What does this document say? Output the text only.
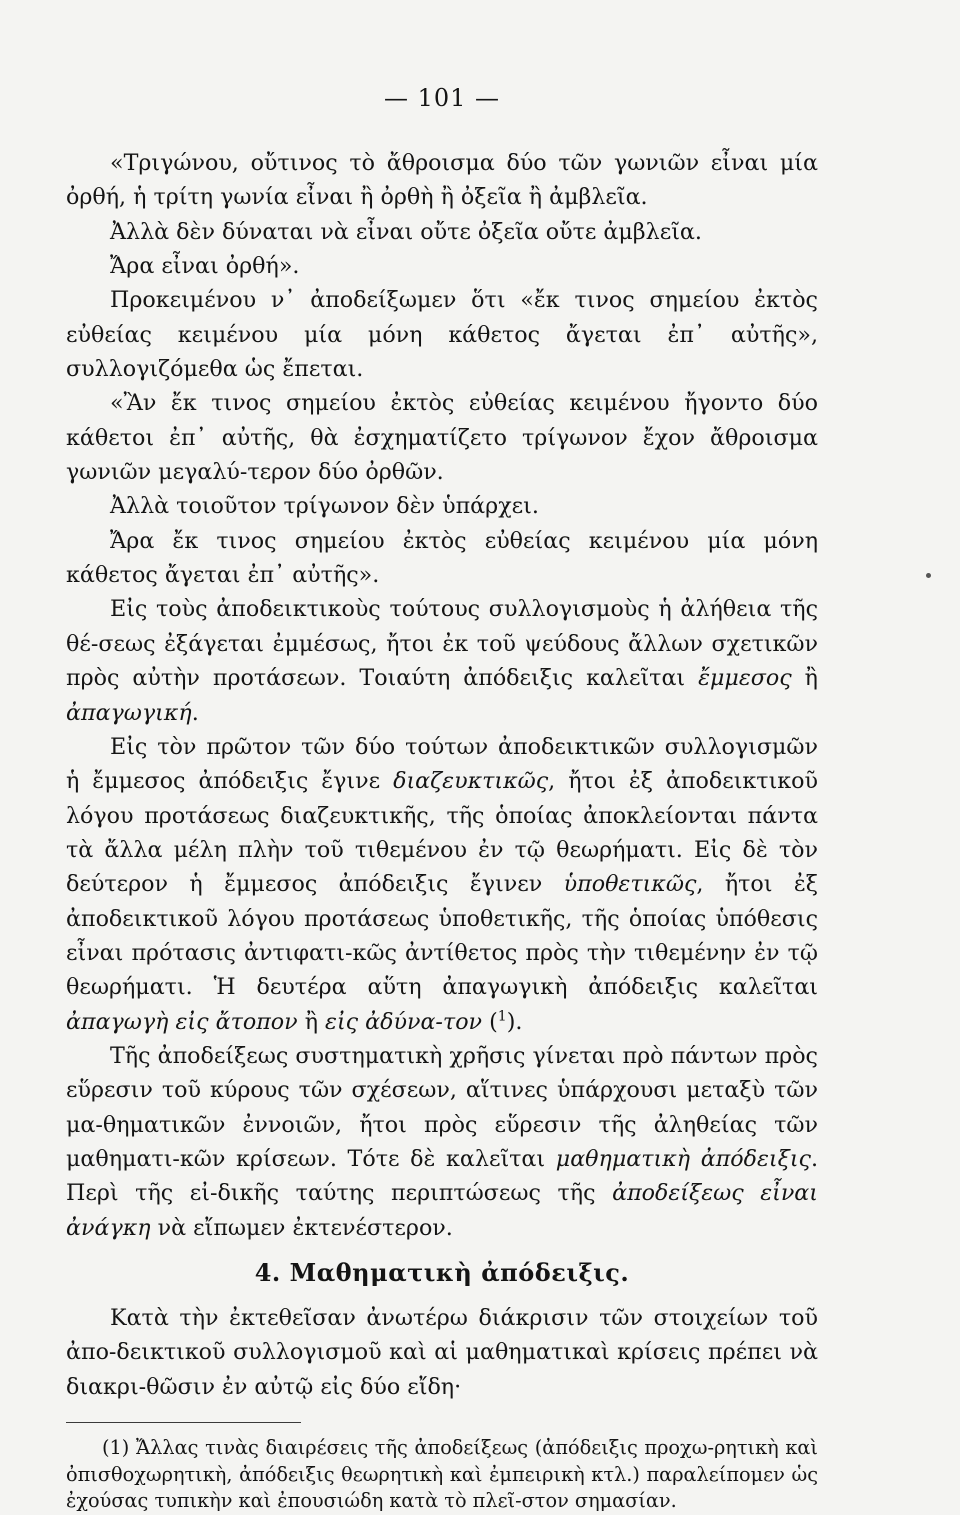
— 101 —

«Τριγώνου, οὔτινος τὸ ἄθροισμα δύο τῶν γωνιῶν εἶναι μία ὀρθή, ἡ τρίτη γωνία εἶναι ἢ ὀρθὴ ἢ ὀξεῖα ἢ ἀμβλεῖα.

Ἀλλὰ δὲν δύναται νὰ εἶναι οὔτε ὀξεῖα οὔτε ἀμβλεῖα.

Ἄρα εἶναι ὀρθή».

Προκειμένου ν᾽ ἀποδείξωμεν ὅτι «ἔκ τινος σημείου ἐκτὸς εὐθείας κειμένου μία μόνη κάθετος ἄγεται ἐπ᾽ αὐτῆς», συλλογιζόμεθα ὡς ἔπεται.

«Ἂν ἔκ τινος σημείου ἐκτὸς εὐθείας κειμένου ἤγοντο δύο κάθετοι ἐπ᾽ αὐτῆς, θὰ ἐσχηματίζετο τρίγωνον ἔχον ἄθροισμα γωνιῶν μεγαλύ-τερον δύο ὀρθῶν.

Ἀλλὰ τοιοῦτον τρίγωνον δὲν ὑπάρχει.

Ἄρα ἔκ τινος σημείου ἐκτὸς εὐθείας κειμένου μία μόνη κάθετος ἄγεται ἐπ᾽ αὐτῆς».

Εἰς τοὺς ἀποδεικτικοὺς τούτους συλλογισμοὺς ἡ ἀλήθεια τῆς θέ-σεως ἐξάγεται ἐμμέσως, ἤτοι ἐκ τοῦ ψεύδους ἄλλων σχετικῶν πρὸς αὐτὴν προτάσεων. Τοιαύτη ἀπόδειξις καλεῖται ἔμμεσος ἢ ἀπαγωγική.

Εἰς τὸν πρῶτον τῶν δύο τούτων ἀποδεικτικῶν συλλογισμῶν ἡ ἔμμεσος ἀπόδειξις ἔγινε διαζευκτικῶς, ἤτοι ἐξ ἀποδεικτικοῦ λόγου προτάσεως διαζευκτικῆς, τῆς ὁποίας ἀποκλείονται πάντα τὰ ἄλλα μέλη πλὴν τοῦ τιθεμένου ἐν τῷ θεωρήματι. Εἰς δὲ τὸν δεύτερον ἡ ἔμμεσος ἀπόδειξις ἔγινεν ὑποθετικῶς, ἤτοι ἐξ ἀποδεικτικοῦ λόγου προτάσεως ὑποθετικῆς, τῆς ὁποίας ὑπόθεσις εἶναι πρότασις ἀντιφατι-κῶς ἀντίθετος πρὸς τὴν τιθεμένην ἐν τῷ θεωρήματι. Ἡ δευτέρα αὕτη ἀπαγωγικὴ ἀπόδειξις καλεῖται ἀπαγωγὴ εἰς ἄτοπον ἢ εἰς ἀδύνα-τον ($^1$).

Τῆς ἀποδείξεως συστηματικὴ χρῆσις γίνεται πρὸ πάντων πρὸς εὕρεσιν τοῦ κύρους τῶν σχέσεων, αἵτινες ὑπάρχουσι μεταξὺ τῶν μα-θηματικῶν ἐννοιῶν, ἤτοι πρὸς εὕρεσιν τῆς ἀληθείας τῶν μαθηματι-κῶν κρίσεων. Τότε δὲ καλεῖται μαθηματικὴ ἀπόδειξις. Περὶ τῆς εἰ-δικῆς ταύτης περιπτώσεως τῆς ἀποδείξεως εἶναι ἀνάγκη νὰ εἴπωμεν ἐκτενέστερον.

4. Μαθηματικὴ ἀπόδειξις.

Κατὰ τὴν ἐκτεθεῖσαν ἀνωτέρω διάκρισιν τῶν στοιχείων τοῦ ἀπο-δεικτικοῦ συλλογισμοῦ καὶ αἱ μαθηματικαὶ κρίσεις πρέπει νὰ διακρι-θῶσιν ἐν αὐτῷ εἰς δύο εἴδη·

(1) Ἄλλας τινὰς διαιρέσεις τῆς ἀποδείξεως (ἀπόδειξις προχω-ρητικὴ καὶ ὀπισθοχωρητικὴ, ἀπόδειξις θεωρητικὴ καὶ ἐμπειρικὴ κτλ.) παραλείπομεν ὡς ἐχούσας τυπικὴν καὶ ἐπουσιώδη κατὰ τὸ πλεῖ-στον σημασίαν.
